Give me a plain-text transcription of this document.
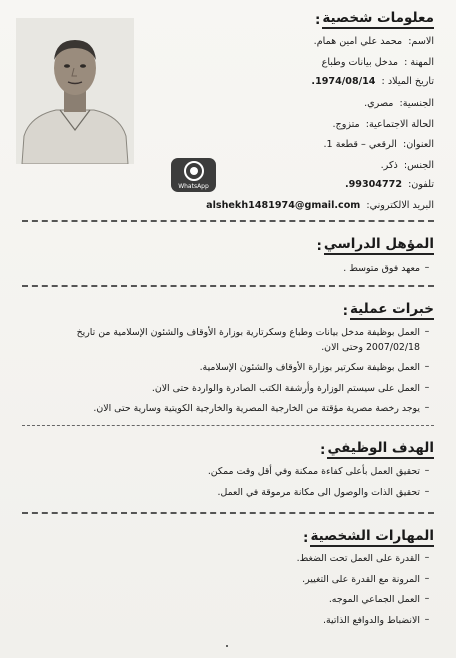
WhatsApp
معلومات شخصية
:
الاسم: محمد علي امين همام.
المهنة : مدخل بيانات وطباع
تاريخ الميلاد : 1974/08/14.
الجنسية: مصري.
الحالة الاجتماعية: متزوج.
العنوان: الرقعي – قطعة 1.
الجنس: ذكر.
تلفون: 99304772.
البريد الالكتروني: alshekh1481974@gmail.com
المؤهل الدراسي
:
–
معهد فوق متوسط .
خبرات عملية
:
–
العمل بوظيفة مدخل بيانات وطباع وسكرتارية بوزارة الأوقاف والشئون الإسلامية من تاريخ 2007/02/18 وحتى الان.
–
العمل بوظيفة سكرتير بوزارة الأوقاف والشئون الإسلامية.
–
العمل على سيستم الوزارة وأرشفة الكتب الصادرة والواردة حتى الان.
–
يوجد رخصة مصرية مؤقتة من الخارجية المصرية والخارجية الكويتية وسارية حتى الان.
الهدف الوظيفي
:
–
تحقيق العمل بأعلى كفاءة ممكنة وفي أقل وقت ممكن.
–
تحقيق الذات والوصول الى مكانة مرموقة في العمل.
المهارات الشخصية
:
–
القدرة على العمل تحت الضغط.
–
المرونة مع القدرة على التغيير.
–
العمل الجماعي الموجه.
–
الانضباط والدوافع الذاتية.
